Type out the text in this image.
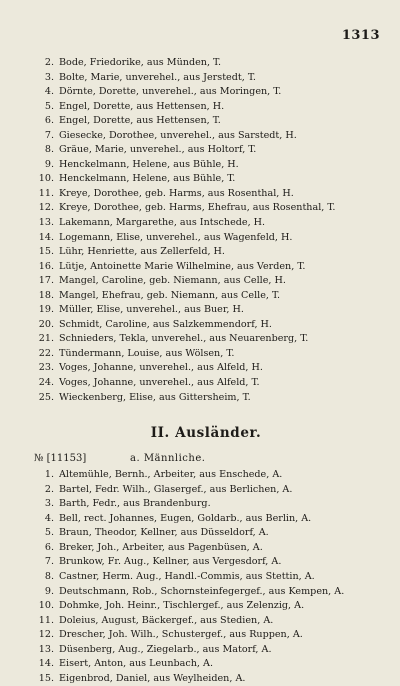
1313
2. Bode, Friedorike, aus Münden, T.
3. Bolte, Marie, unverehel., aus Jerstedt, T.
4. Dörnte, Dorette, unverehel., aus Moringen, T.
5. Engel, Dorette, aus Hettensen, H.
6. Engel, Dorette, aus Hettensen, T.
7. Giesecke, Dorothee, unverehel., aus Sarstedt, H.
8. Gräue, Marie, unverehel., aus Holtorf, T.
9. Henckelmann, Helene, aus Bühle, H.
10. Henckelmann, Helene, aus Bühle, T.
11. Kreye, Dorothee, geb. Harms, aus Rosenthal, H.
12. Kreye, Dorothee, geb. Harms, Ehefrau, aus Rosenthal, T.
13. Lakemann, Margarethe, aus Intschede, H.
14. Logemann, Elise, unverehel., aus Wagenfeld, H.
15. Lühr, Henriette, aus Zellerfeld, H.
16. Lütje, Antoinette Marie Wilhelmine, aus Verden, T.
17. Mangel, Caroline, geb. Niemann, aus Celle, H.
18. Mangel, Ehefrau, geb. Niemann, aus Celle, T.
19. Müller, Elise, unverehel., aus Buer, H.
20. Schmidt, Caroline, aus Salzkemmendorf, H.
21. Schnieders, Tekla, unverehel., aus Neuarenberg, T.
22. Tündermann, Louise, aus Wölsen, T.
23. Voges, Johanne, unverehel., aus Alfeld, H.
24. Voges, Johanne, unverehel., aus Alfeld, T.
25. Wieckenberg, Elise, aus Gittersheim, T.
II. Ausländer.
№ [11153]	a. Männliche.
1. Altemühle, Bernh., Arbeiter, aus Enschede, A.
2. Bartel, Fedr. Wilh., Glasergef., aus Berlichen, A.
3. Barth, Fedr., aus Brandenburg.
4. Bell, rect. Johannes, Eugen, Goldarb., aus Berlin, A.
5. Braun, Theodor, Kellner, aus Düsseldorf, A.
6. Breker, Joh., Arbeiter, aus Pagenbüsen, A.
7. Brunkow, Fr. Aug., Kellner, aus Vergesdorf, A.
8. Castner, Herm. Aug., Handl.-Commis, aus Stettin, A.
9. Deutschmann, Rob., Schornsteinfegergef., aus Kempen, A.
10. Dohmke, Joh. Heinr., Tischlergef., aus Zelenzig, A.
11. Doleius, August, Bäckergef., aus Stedien, A.
12. Drescher, Joh. Wilh., Schustergef., aus Ruppen, A.
13. Düsenberg, Aug., Ziegelarb., aus Matorf, A.
14. Eisert, Anton, aus Leunbach, A.
15. Eigenbrod, Daniel, aus Weylheiden, A.
